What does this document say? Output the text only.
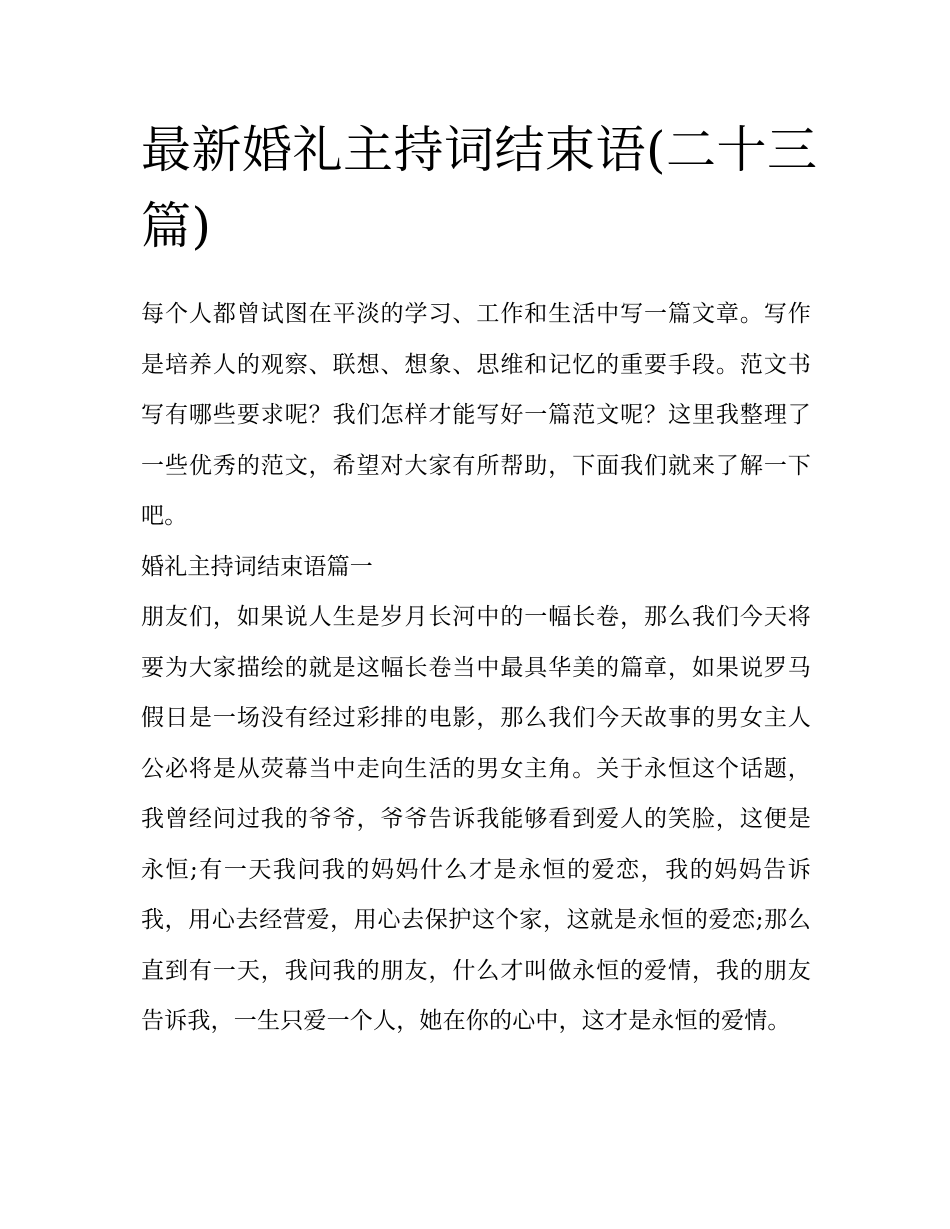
最新婚礼主持词结束语(二十三篇)

每个人都曾试图在平淡的学习、工作和生活中写一篇文章。写作是培养人的观察、联想、想象、思维和记忆的重要手段。范文书写有哪些要求呢？我们怎样才能写好一篇范文呢？这里我整理了一些优秀的范文，希望对大家有所帮助，下面我们就来了解一下吧。

婚礼主持词结束语篇一

朋友们，如果说人生是岁月长河中的一幅长卷，那么我们今天将要为大家描绘的就是这幅长卷当中最具华美的篇章，如果说罗马假日是一场没有经过彩排的电影，那么我们今天故事的男女主人公必将是从荧幕当中走向生活的男女主角。关于永恒这个话题，我曾经问过我的爷爷，爷爷告诉我能够看到爱人的笑脸，这便是永恒;有一天我问我的妈妈什么才是永恒的爱恋，我的妈妈告诉我，用心去经营爱，用心去保护这个家，这就是永恒的爱恋;那么直到有一天，我问我的朋友，什么才叫做永恒的爱情，我的朋友告诉我，一生只爱一个人，她在你的心中，这才是永恒的爱情。
